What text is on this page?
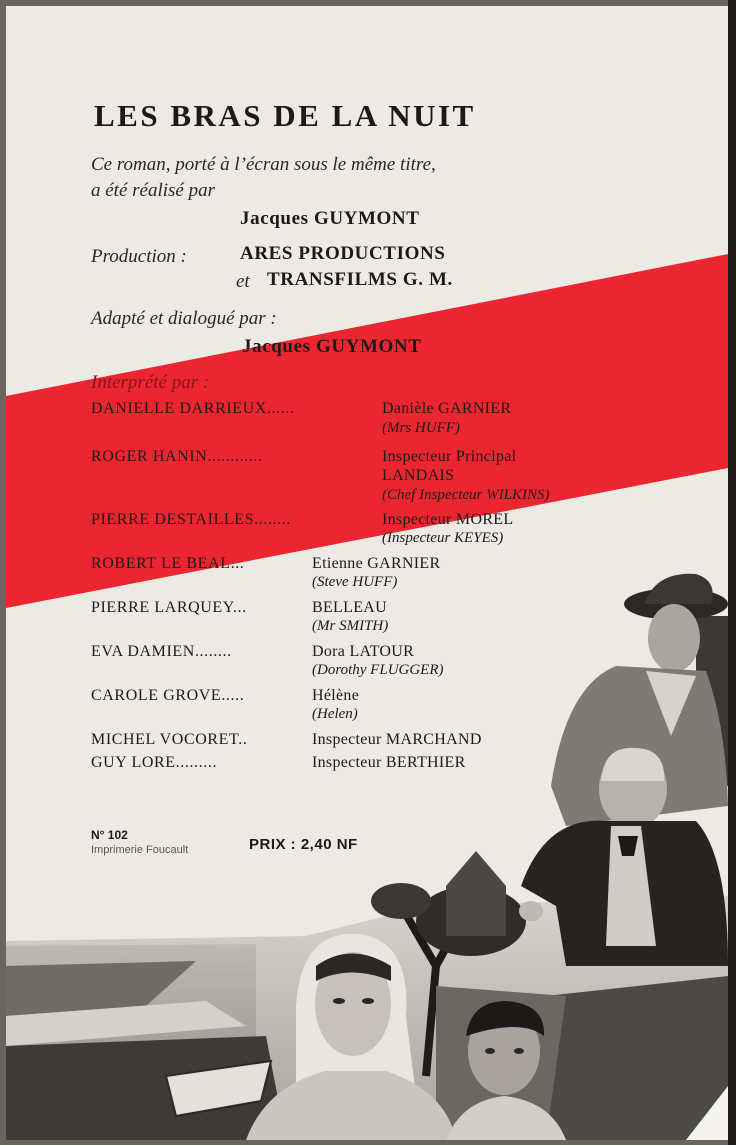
LES BRAS DE LA NUIT
Ce roman, porté à l’écran sous le même titre,
a été réalisé par
Jacques GUYMONT
Production :	ARES PRODUCTIONS
et TRANSFILMS G. M.
Adapté et dialogué par :
Jacques GUYMONT
Interprété par :
DANIELLE DARRIEUX......	Danièle GARNIER
(Mrs HUFF)
ROGER HANIN............	Inspecteur Principal
LANDAIS
(Chef Inspecteur WILKINS)
PIERRE DESTAILLES........	Inspecteur MOREL
(Inspecteur KEYES)
ROBERT LE BEAL...	Etienne GARNIER
(Steve HUFF)
PIERRE LARQUEY...	BELLEAU
(Mr SMITH)
EVA DAMIEN........	Dora LATOUR
(Dorothy FLUGGER)
CAROLE GROVE.....	Hélène
(Helen)
MICHEL VOCORET..	Inspecteur MARCHAND
GUY LORE.........	Inspecteur BERTHIER
N° 102
Imprimerie Foucault	PRIX : 2,40 NF
